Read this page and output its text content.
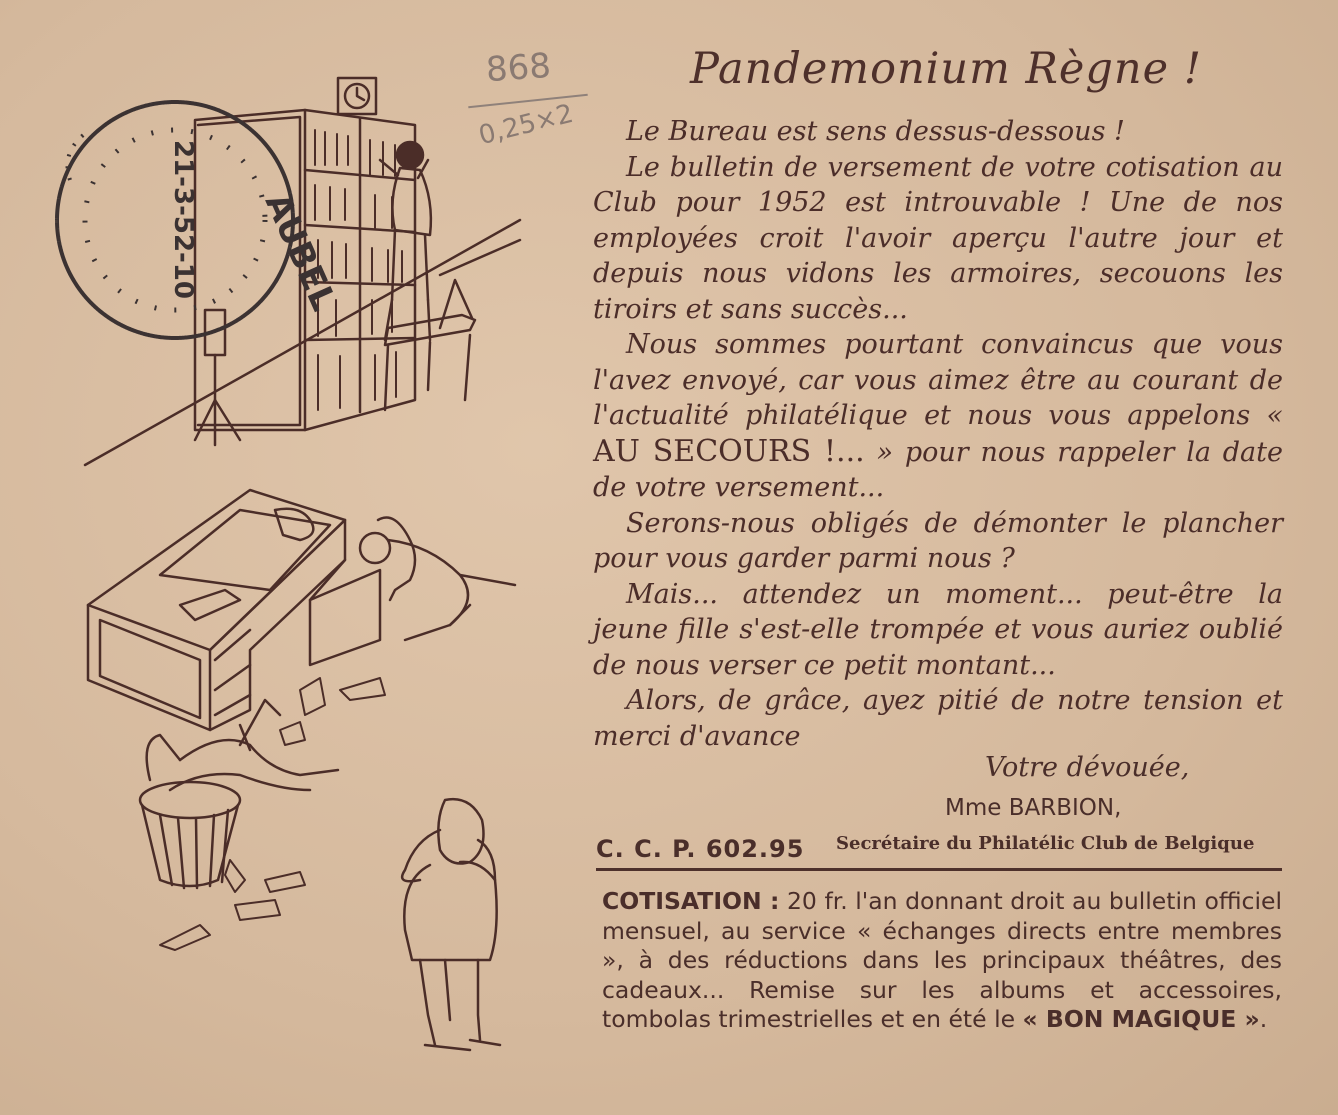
AUBEL
21-3-52-10
868
0,25×2
Pandemonium Règne !

Le Bureau est sens dessus-dessous !

Le bulletin de versement de votre cotisation au Club pour 1952 est introuvable ! Une de nos employées croit l'avoir aperçu l'autre jour et depuis nous vidons les armoires, secouons les tiroirs et sans succès...

Nous sommes pourtant convaincus que vous l'avez envoyé, car vous aimez être au courant de l'actualité philatélique et nous vous appelons « AU SECOURS !... » pour nous rappeler la date de votre versement...

Serons-nous obligés de démonter le plancher pour vous garder parmi nous ?

Mais... attendez un moment... peut-être la jeune fille s'est-elle trompée et vous auriez oublié de nous verser ce petit montant...

Alors, de grâce, ayez pitié de notre tension et merci d'avance

Votre dévouée,
Mme BARBION,
C. C. P. 602.95 Secrétaire du Philatélic Club de Belgique
COTISATION : 20 fr. l'an donnant droit au bulletin officiel mensuel, au service « échanges directs entre membres », à des réductions dans les principaux théâtres, des cadeaux... Remise sur les albums et accessoires, tombolas trimestrielles et en été le « BON MAGIQUE ».
